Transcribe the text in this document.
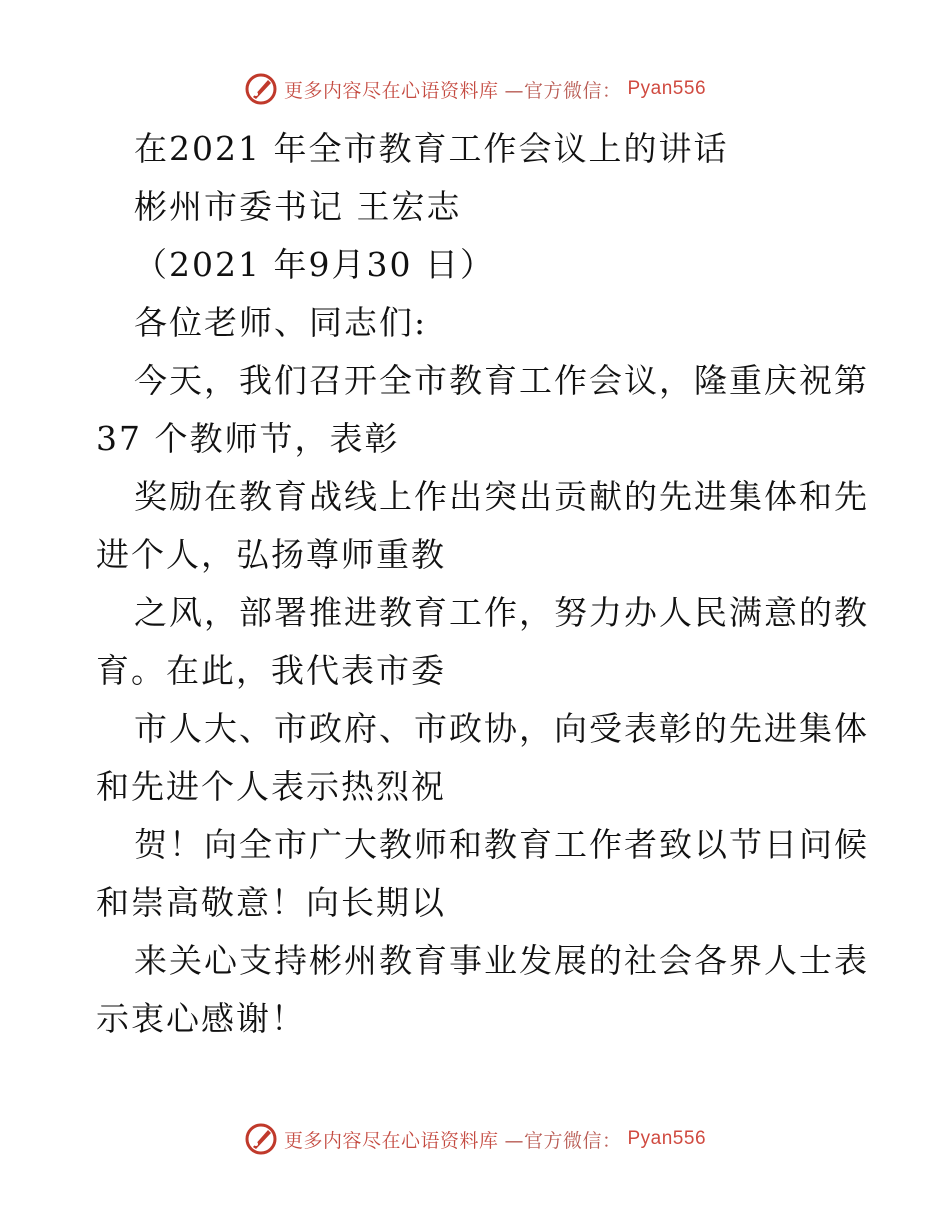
更多内容尽在心语资料库 —官方微信： Pyan556
在2021 年全市教育工作会议上的讲话
彬州市委书记 王宏志
（2021 年9月30 日）
各位老师、同志们:
今天，我们召开全市教育工作会议，隆重庆祝第
37 个教师节，表彰
奖励在教育战线上作出突出贡献的先进集体和先
进个人，弘扬尊师重教
之风，部署推进教育工作，努力办人民满意的教
育。在此，我代表市委
市人大、市政府、市政协，向受表彰的先进集体
和先进个人表示热烈祝
贺！向全市广大教师和教育工作者致以节日问候
和崇高敬意！向长期以
来关心支持彬州教育事业发展的社会各界人士表
示衷心感谢！
更多内容尽在心语资料库 —官方微信： Pyan556
